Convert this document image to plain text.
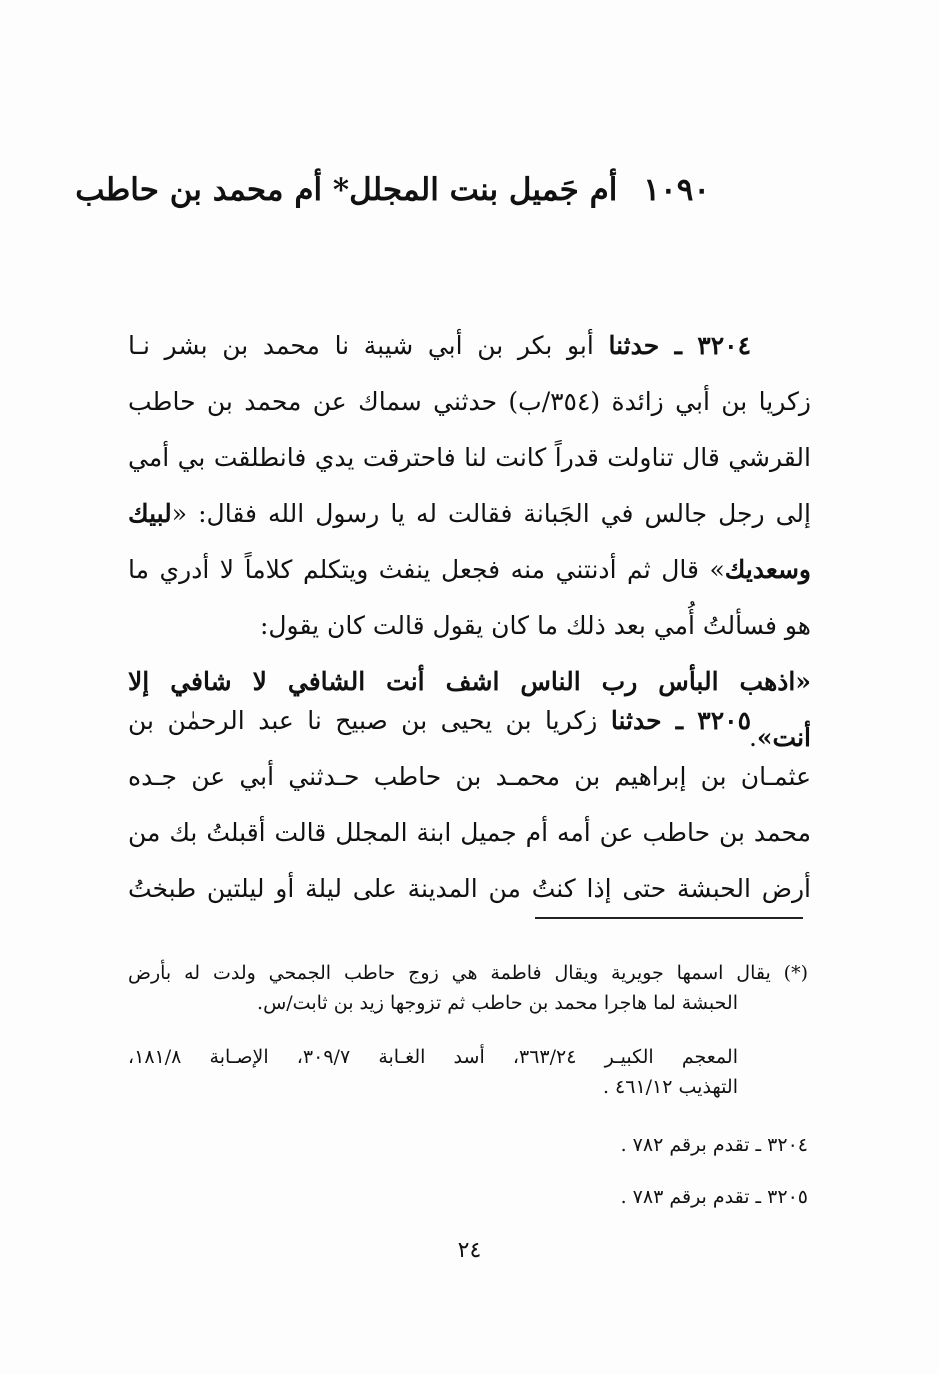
١٠٩٠أم جَميل بنت المجلل* أم محمد بن حاطب
٣٢٠٤ ـ حدثنا أبو بكر بن أبي شيبة نا محمد بن بشر نـا
زكريا بن أبي زائدة (٣٥٤/ب) حدثني سماك عن محمد بن حاطب
القرشي قال تناولت قدراً كانت لنا فاحترقت يدي فانطلقت بي أمي
إلى رجل جالس في الجَبانة فقالت له يا رسول الله فقال: «لبيك
وسعديك» قال ثم أدنتني منه فجعل ينفث ويتكلم كلاماً لا أدري ما
هو فسألتُ أُمي بعد ذلك ما كان يقول قالت كان يقول:
«اذهب البأس رب الناس اشف أنت الشافي لا شافي إلا
أنت».
٣٢٠٥ ـ حدثنا زكريا بن يحيى بن صبيح نا عبد الرحمٰن بن
عثمـان بن إبراهيم بن محمـد بن حاطب حـدثني أبي عن جـده
محمد بن حاطب عن أمه أم جميل ابنة المجلل قالت أقبلتُ بك من
أرض الحبشة حتى إذا كنتُ من المدينة على ليلة أو ليلتين طبختُ
(*) يقال اسمها جويرية ويقال فاطمة هي زوج حاطب الجمحي ولدت له بأرض
الحبشة لما هاجرا محمد بن حاطب ثم تزوجها زيد بن ثابت/س.
المعجم الكبيـر ٣٦٣/٢٤، أسد الغـابة ٣٠٩/٧، الإصـابة ١٨١/٨،
التهذيب ٤٦١/١٢ .
٣٢٠٤ ـ تقدم برقم ٧٨٢ .
٣٢٠٥ ـ تقدم برقم ٧٨٣ .
٢٤
